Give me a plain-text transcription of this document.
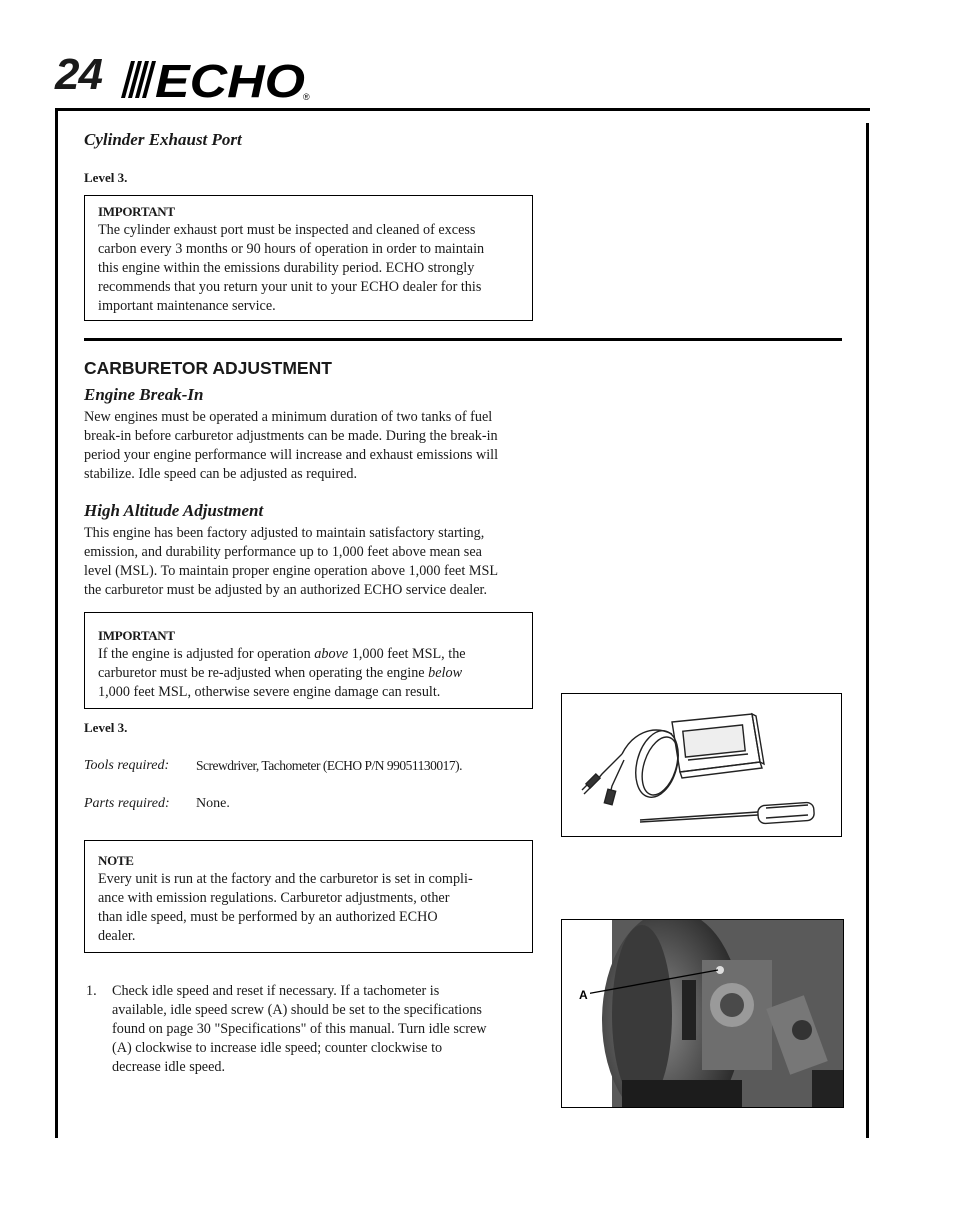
24 ECHO
®
Cylinder Exhaust Port
Level 3.
IMPORTANT
The cylinder exhaust port must be inspected and cleaned of excess
carbon every 3 months or 90 hours of operation in order to maintain
this engine within the emissions durability period. ECHO strongly
recommends that you return your unit to your ECHO dealer for this
important maintenance service.
CARBURETOR ADJUSTMENT
Engine Break-In
New engines must be operated a minimum duration of two tanks of fuel
break-in before carburetor adjustments can be made. During the break-in
period your engine performance will increase and exhaust emissions will
stabilize. Idle speed can be adjusted as required.
High Altitude Adjustment
This engine has been factory adjusted to maintain satisfactory starting,
emission, and durability performance up to 1,000 feet above mean sea
level (MSL). To maintain proper engine operation above 1,000 feet MSL
the carburetor must be adjusted by an authorized ECHO service dealer.
IMPORTANT
If the engine is adjusted for operation above 1,000 feet MSL, the
carburetor must be re-adjusted when operating the engine below
1,000 feet MSL, otherwise severe engine damage can result.
Level 3.
Tools required: Screwdriver, Tachometer (ECHO P/N 99051130017).
Parts required: None.
NOTE
Every unit is run at the factory and the carburetor is set in compli-
ance with emission regulations. Carburetor adjustments, other
than idle speed, must be performed by an authorized ECHO
dealer.
1. Check idle speed and reset if necessary. If a tachometer is
available, idle speed screw (A) should be set to the specifications
found on page 30 "Specifications" of this manual. Turn idle screw
(A) clockwise to increase idle speed; counter clockwise to
decrease idle speed.
A
